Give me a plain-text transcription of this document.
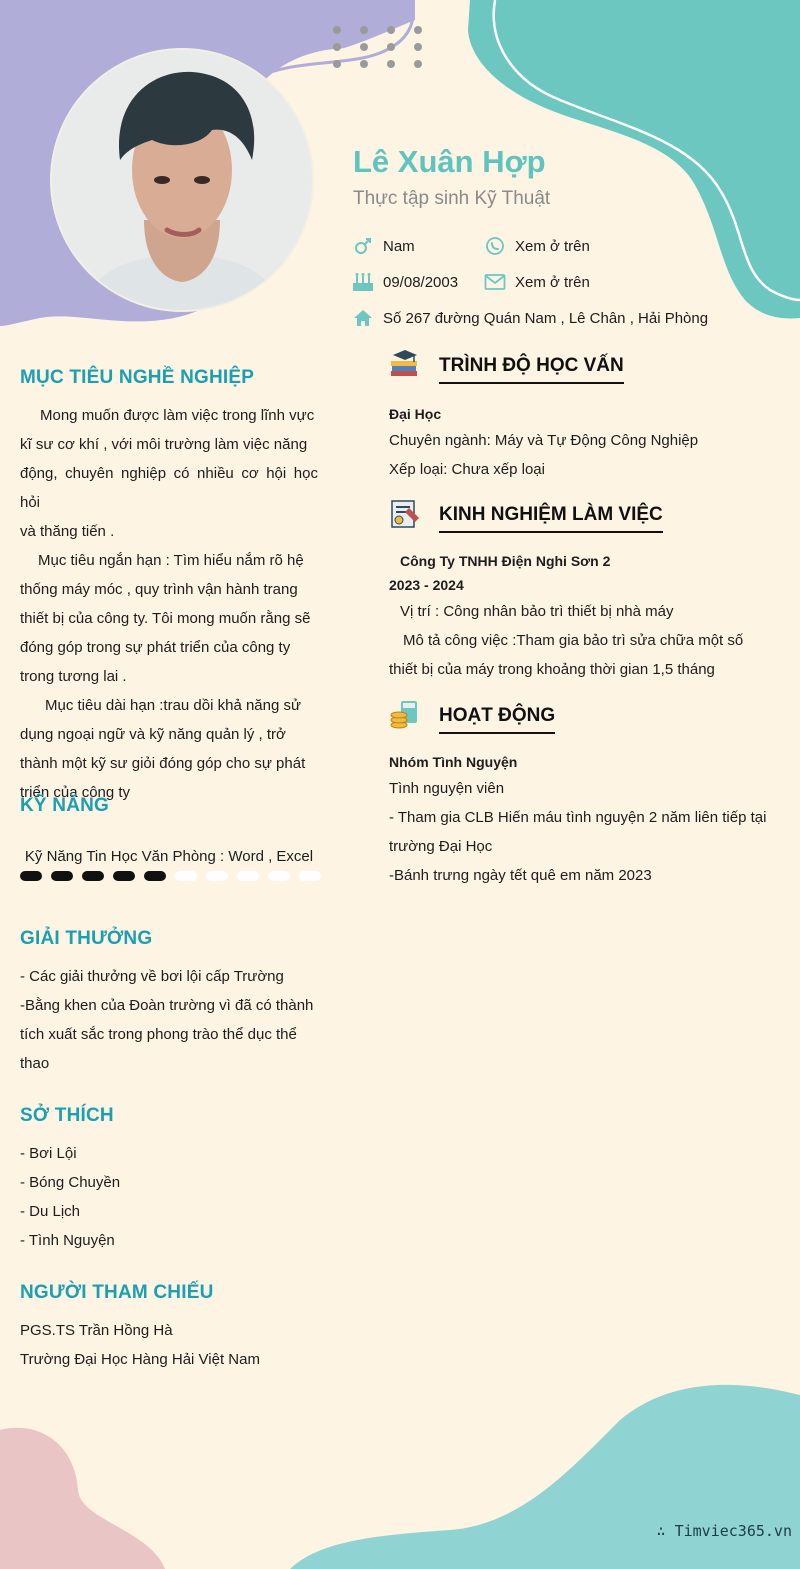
Lê Xuân Hợp
Thực tập sinh Kỹ Thuật
Nam	Xem ở trên
09/08/2003	Xem ở trên
Số 267 đường Quán Nam , Lê Chân , Hải Phòng
MỤC TIÊU NGHỀ NGHIỆP
Mong muốn được làm việc trong lĩnh vực
kĩ sư cơ khí , với môi trường làm việc năng
động, chuyên nghiệp có nhiều cơ hội học hỏi
và thăng tiến .
Mục tiêu ngắn hạn : Tìm hiểu nắm rõ hệ
thống máy móc , quy trình vận hành trang
thiết bị của công ty. Tôi mong muốn rằng sẽ
đóng góp trong sự phát triển của công ty
trong tương lai .
Mục tiêu dài hạn :trau dồi khả năng sử
dụng ngoại ngữ và kỹ năng quản lý , trở
thành một kỹ sư giỏi đóng góp cho sự phát
triển của công ty
KỸ NĂNG
Kỹ Năng Tin Học Văn Phòng : Word , Excel
GIẢI THƯỞNG
- Các giải thưởng về bơi lội cấp Trường
-Bằng khen của Đoàn trường vì đã có thành
tích xuất sắc trong phong trào thể dục thể
thao
SỞ THÍCH
- Bơi Lội
- Bóng Chuyền
- Du Lịch
- Tình Nguyện
NGƯỜI THAM CHIẾU
PGS.TS Trần Hồng Hà
Trường Đại Học Hàng Hải Việt Nam
TRÌNH ĐỘ HỌC VẤN
Đại Học
Chuyên ngành: Máy và Tự Động Công Nghiệp
Xếp loại: Chưa xếp loại
KINH NGHIỆM LÀM VIỆC
Công Ty TNHH Điện Nghi Sơn 2
2023 - 2024
Vị trí : Công nhân bảo trì thiết bị nhà máy
Mô tả công việc :Tham gia bảo trì sửa chữa một số
thiết bị của máy trong khoảng thời gian 1,5 tháng
HOẠT ĐỘNG
Nhóm Tình Nguyện
Tình nguyện viên
- Tham gia CLB Hiến máu tình nguyện 2 năm liên tiếp tại
trường Đại Học
-Bánh trưng ngày tết quê em năm 2023
∴ Timviec365.vn
